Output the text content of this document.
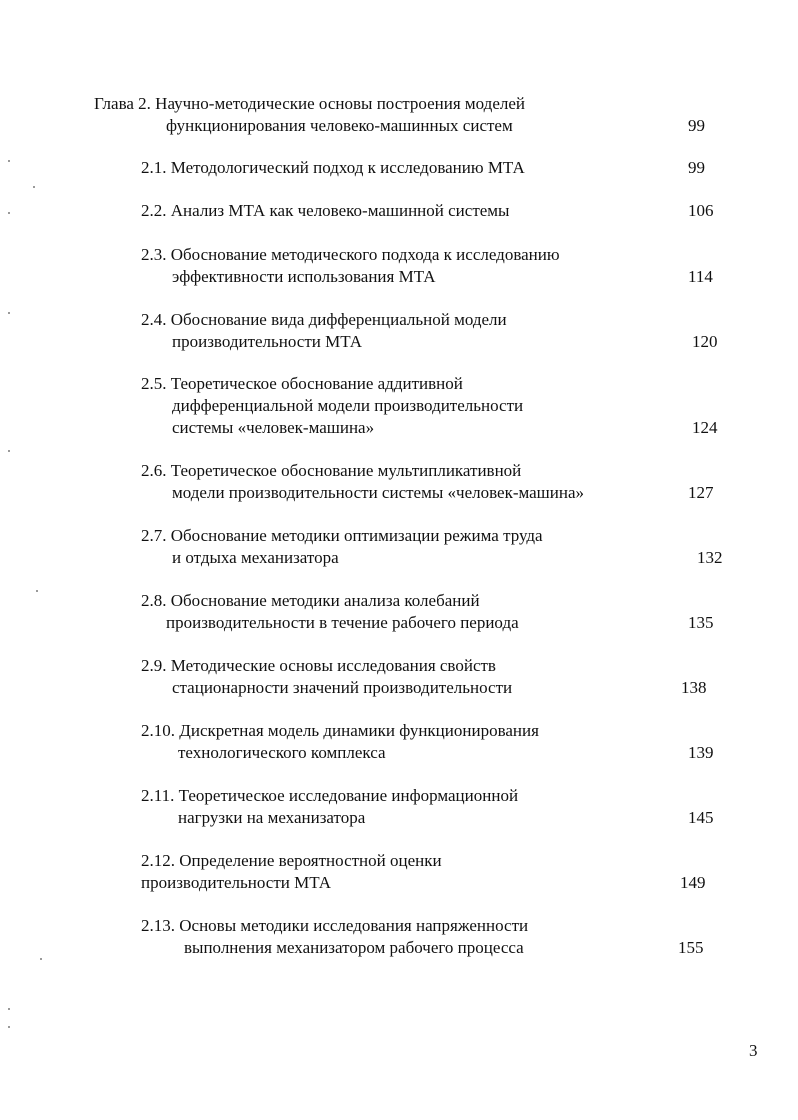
Глава 2. Научно-методические основы построения моделей
функционирования человеко-машинных систем	99
2.1. Методологический подход к исследованию МТА	99
2.2. Анализ МТА как человеко-машинной системы	106
2.3. Обоснование методического подхода к исследованию
эффективности использования МТА	114
2.4. Обоснование вида дифференциальной модели
производительности МТА	120
2.5. Теоретическое обоснование аддитивной
дифференциальной модели производительности
системы «человек-машина»	124
2.6. Теоретическое обоснование мультипликативной
модели производительности системы «человек-машина»	127
2.7. Обоснование методики оптимизации режима труда
и отдыха механизатора	132
2.8. Обоснование методики анализа колебаний
производительности в течение рабочего периода	135
2.9. Методические основы исследования свойств
стационарности значений производительности	138
2.10. Дискретная модель динамики функционирования
технологического комплекса	139
2.11. Теоретическое исследование информационной
нагрузки на механизатора	145
2.12. Определение вероятностной оценки
производительности МТА	149
2.13. Основы методики исследования напряженности
выполнения механизатором рабочего процесса	155
3
